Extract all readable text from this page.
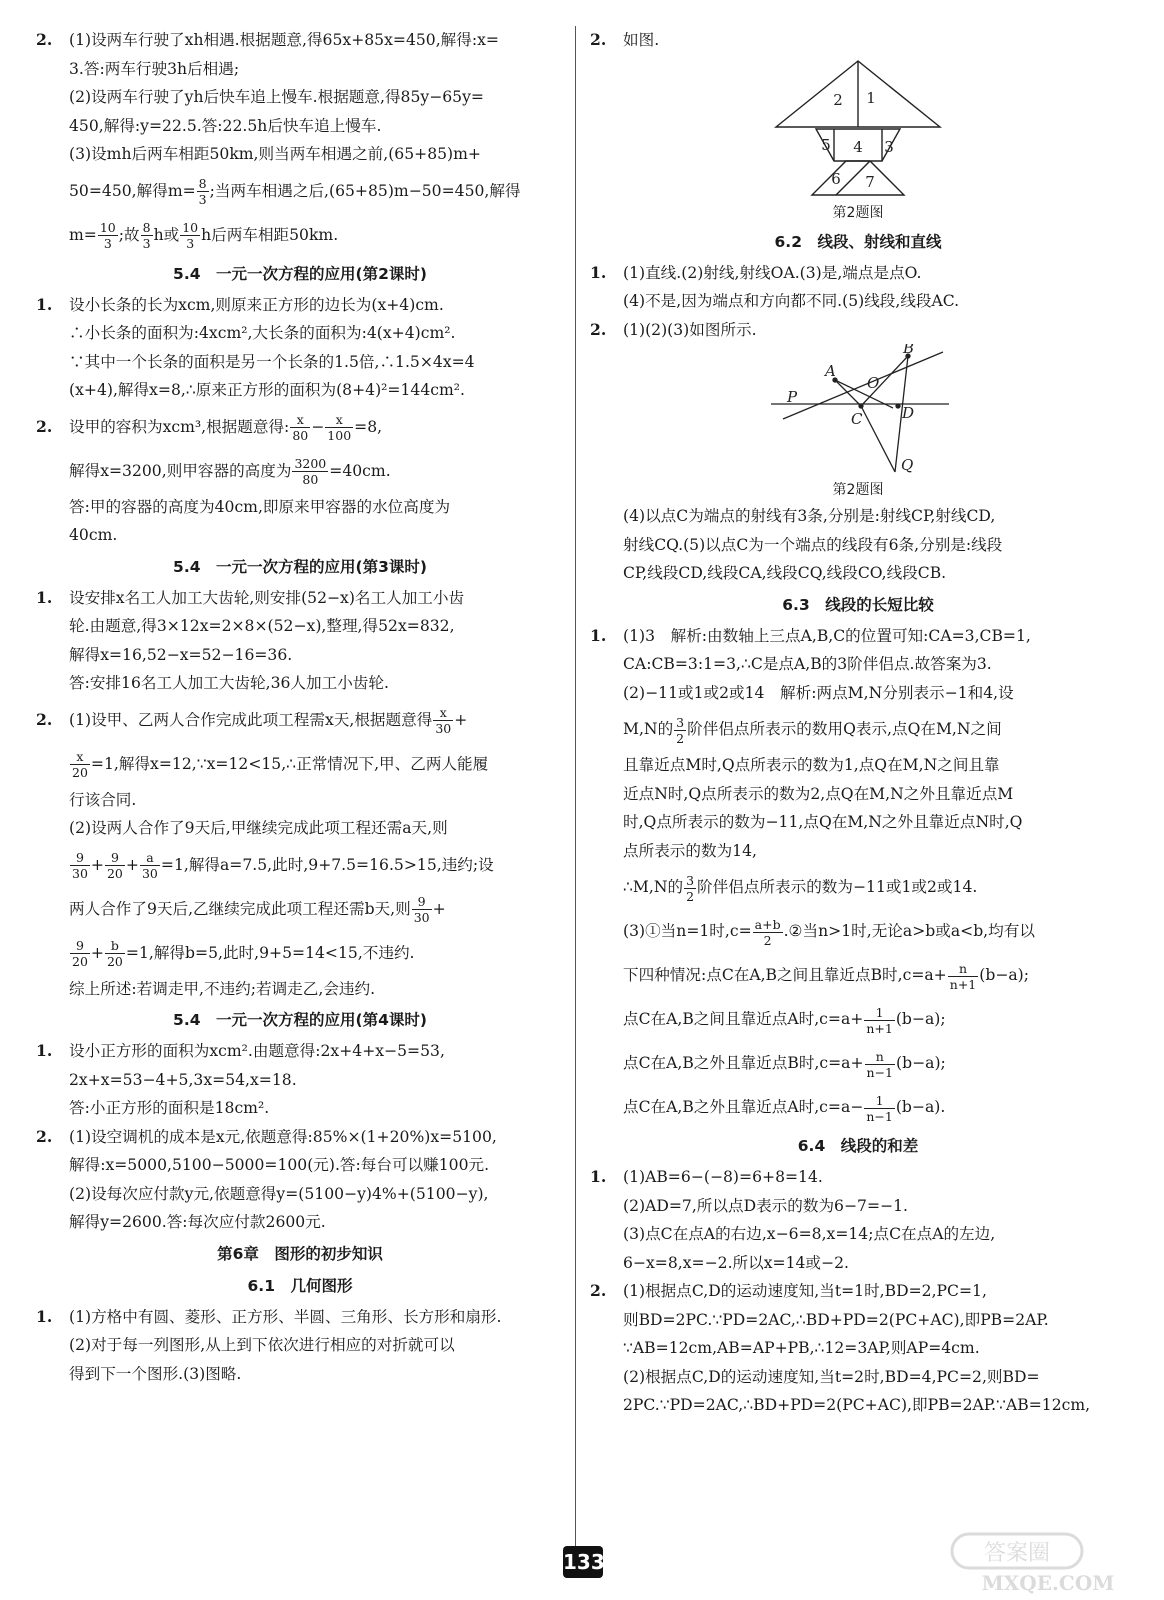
2. (1)设两车行驶了xh相遇.根据题意,得65x+85x=450,解得:x=

3.答:两车行驶3h后相遇;

(2)设两车行驶了yh后快车追上慢车.根据题意,得85y−65y=

450,解得:y=22.5.答:22.5h后快车追上慢车.

(3)设mh后两车相距50km,则当两车相遇之前,(65+85)m+

50=450,解得$m= \frac{8}{3}$ ;当两车相遇之后,(65+85)m−50=450,解得

$m= \frac{10}{3}$ ;故 $\frac{8}{3}$ h或 $\frac{10}{3}$ h后两车相距50km.

5.4　一元一次方程的应用(第2课时)

1. 设小长条的长为xcm,则原来正方形的边长为(x+4)cm.

∴小长条的面积为:4xcm²,大长条的面积为:4(x+4)cm².

∵其中一个长条的面积是另一个长条的1.5倍,∴1.5×4x=4

(x+4),解得x=8,∴原来正方形的面积为(8+4)²=144cm².

2. 设甲的容积为xcm³,根据题意得: $\frac{x}{80} - \frac{x}{100} =8$,

解得x=3200,则甲容器的高度为 $\frac{3200}{80} =40cm$.

答:甲的容器的高度为40cm,即原来甲容器的水位高度为

40cm.

5.4　一元一次方程的应用(第3课时)

1. 设安排x名工人加工大齿轮,则安排(52−x)名工人加工小齿

轮.由题意,得3×12x=2×8×(52−x),整理,得52x=832,

解得x=16,52−x=52−16=36.

答:安排16名工人加工大齿轮,36人加工小齿轮.

2. (1)设甲、乙两人合作完成此项工程需x天,根据题意得 $\frac{x}{30}$ +

$\frac{x}{20} =1$,解得x=12,∵x=12<15,∴正常情况下,甲、乙两人能履

行该合同.

(2)设两人合作了9天后,甲继续完成此项工程还需a天,则

$\frac{9}{30} + \frac{9}{20} + \frac{a}{30} =1$,解得a=7.5,此时,9+7.5=16.5>15,违约;设

两人合作了9天后,乙继续完成此项工程还需b天,则 $\frac{9}{30}$ +

$\frac{9}{20} + \frac{b}{20} =1$,解得b=5,此时,9+5=14<15,不违约.

综上所述:若调走甲,不违约;若调走乙,会违约.

5.4　一元一次方程的应用(第4课时)

1. 设小正方形的面积为xcm².由题意得:2x+4+x−5=53,

2x+x=53−4+5,3x=54,x=18.

答:小正方形的面积是18cm².

2. (1)设空调机的成本是x元,依题意得:85%×(1+20%)x=5100,

解得:x=5000,5100−5000=100(元).答:每台可以赚100元.

(2)设每次应付款y元,依题意得y=(5100−y)4%+(5100−y),

解得y=2600.答:每次应付款2600元.

第6章　图形的初步知识
6.1　几何图形

1. (1)方格中有圆、菱形、正方形、半圆、三角形、长方形和扇形.

(2)对于每一列图形,从上到下依次进行相应的对折就可以

得到下一个图形.(3)图略.

2. 如图.

1
2
3
4
5
6 7
第2题图
6.2　线段、射线和直线

1. (1)直线.(2)射线,射线OA.(3)是,端点是点O.

(4)不是,因为端点和方向都不同.(5)线段,线段AC.

2. (1)(2)(3)如图所示.

B
A
O
P
C	D
Q
第2题图

(4)以点C为端点的射线有3条,分别是:射线CP,射线CD,

射线CQ.(5)以点C为一个端点的线段有6条,分别是:线段

CP,线段CD,线段CA,线段CQ,线段CO,线段CB.

6.3　线段的长短比较

1. (1)3　解析:由数轴上三点A,B,C的位置可知:CA=3,CB=1,

CA:CB=3:1=3,∴C是点A,B的3阶伴侣点.故答案为3.

(2)−11或1或2或14　解析:两点M,N分别表示−1和4,设

M,N的 $\frac{3}{2}$ 阶伴侣点所表示的数用Q表示,点Q在M,N之间

且靠近点M时,Q点所表示的数为1,点Q在M,N之间且靠

近点N时,Q点所表示的数为2,点Q在M,N之外且靠近点M

时,Q点所表示的数为−11,点Q在M,N之外且靠近点N时,Q

点所表示的数为14,

∴M,N的 $\frac{3}{2}$ 阶伴侣点所表示的数为−11或1或2或14.

(3)①当n=1时$,c= \frac{a+b}{2}$ .②当n>1时,无论a>b或a<b,均有以

下四种情况:点C在A,B之间且靠近点B时$,c=a+ \frac{n}{n+1} (b-a)$;

点C在A,B之间且靠近点A时$,c=a+ \frac{1}{n+1} (b-a)$;

点C在A,B之外且靠近点B时$,c=a+ \frac{n}{n-1} (b-a)$;

点C在A,B之外且靠近点A时$,c=a- \frac{1}{n-1} (b-a)$.

6.4　线段的和差

1. (1)AB=6−(−8)=6+8=14.

(2)AD=7,所以点D表示的数为6−7=−1.

(3)点C在点A的右边,x−6=8,x=14;点C在点A的左边,

6−x=8,x=−2.所以x=14或−2.

2. (1)根据点C,D的运动速度知,当t=1时,BD=2,PC=1,

则BD=2PC.∵PD=2AC,∴BD+PD=2(PC+AC),即PB=2AP.

∵AB=12cm,AB=AP+PB,∴12=3AP,则AP=4cm.

(2)根据点C,D的运动速度知,当t=2时,BD=4,PC=2,则BD=

2PC.∵PD=2AC,∴BD+PD=2(PC+AC),即PB=2AP.∵AB=12cm,

133	答案圈
MXQE.COM
